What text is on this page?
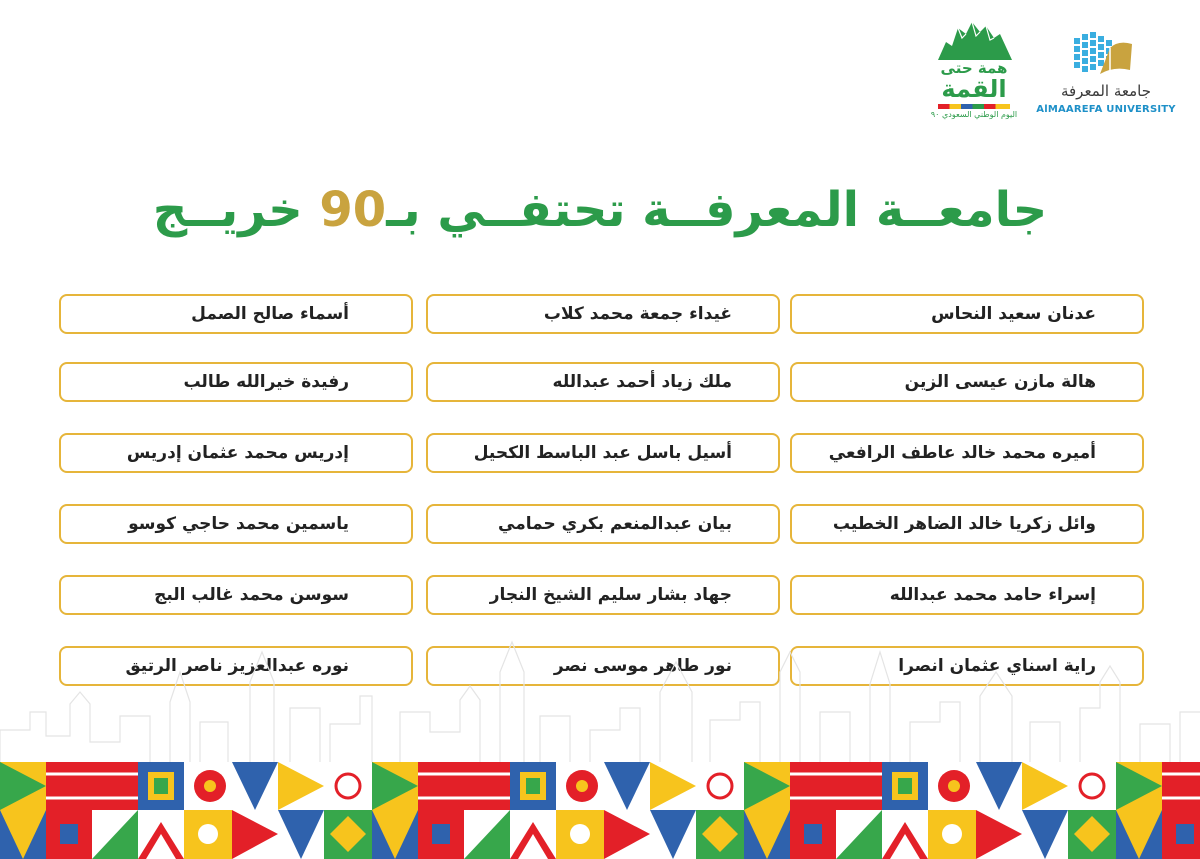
همة حتى
القمة
اليوم الوطني السعودي ٩٠
جامعة المعرفة
AlMAAREFA UNIVERSITY
جامعــة المعرفــة تحتفــي بـ90 خريــج
عدنان سعيد النحاس
غيداء جمعة محمد كلاب
أسماء صالح الصمل
هالة مازن عيسى الزين
ملك زياد أحمد عبدالله
رفيدة خيرالله طالب
أميره محمد خالد عاطف الرافعي
أسيل باسل عبد الباسط الكحيل
إدريس محمد عثمان إدريس
وائل زكريا خالد الضاهر الخطيب
بيان عبدالمنعم بكري حمامي
ياسمين محمد حاجي كوسو
إسراء حامد محمد عبدالله
جهاد بشار سليم الشيخ النجار
سوسن محمد غالب البج
راية اسناي عثمان انصرا
نور طاهر موسى نصر
نوره عبدالعزيز ناصر الرتيق
